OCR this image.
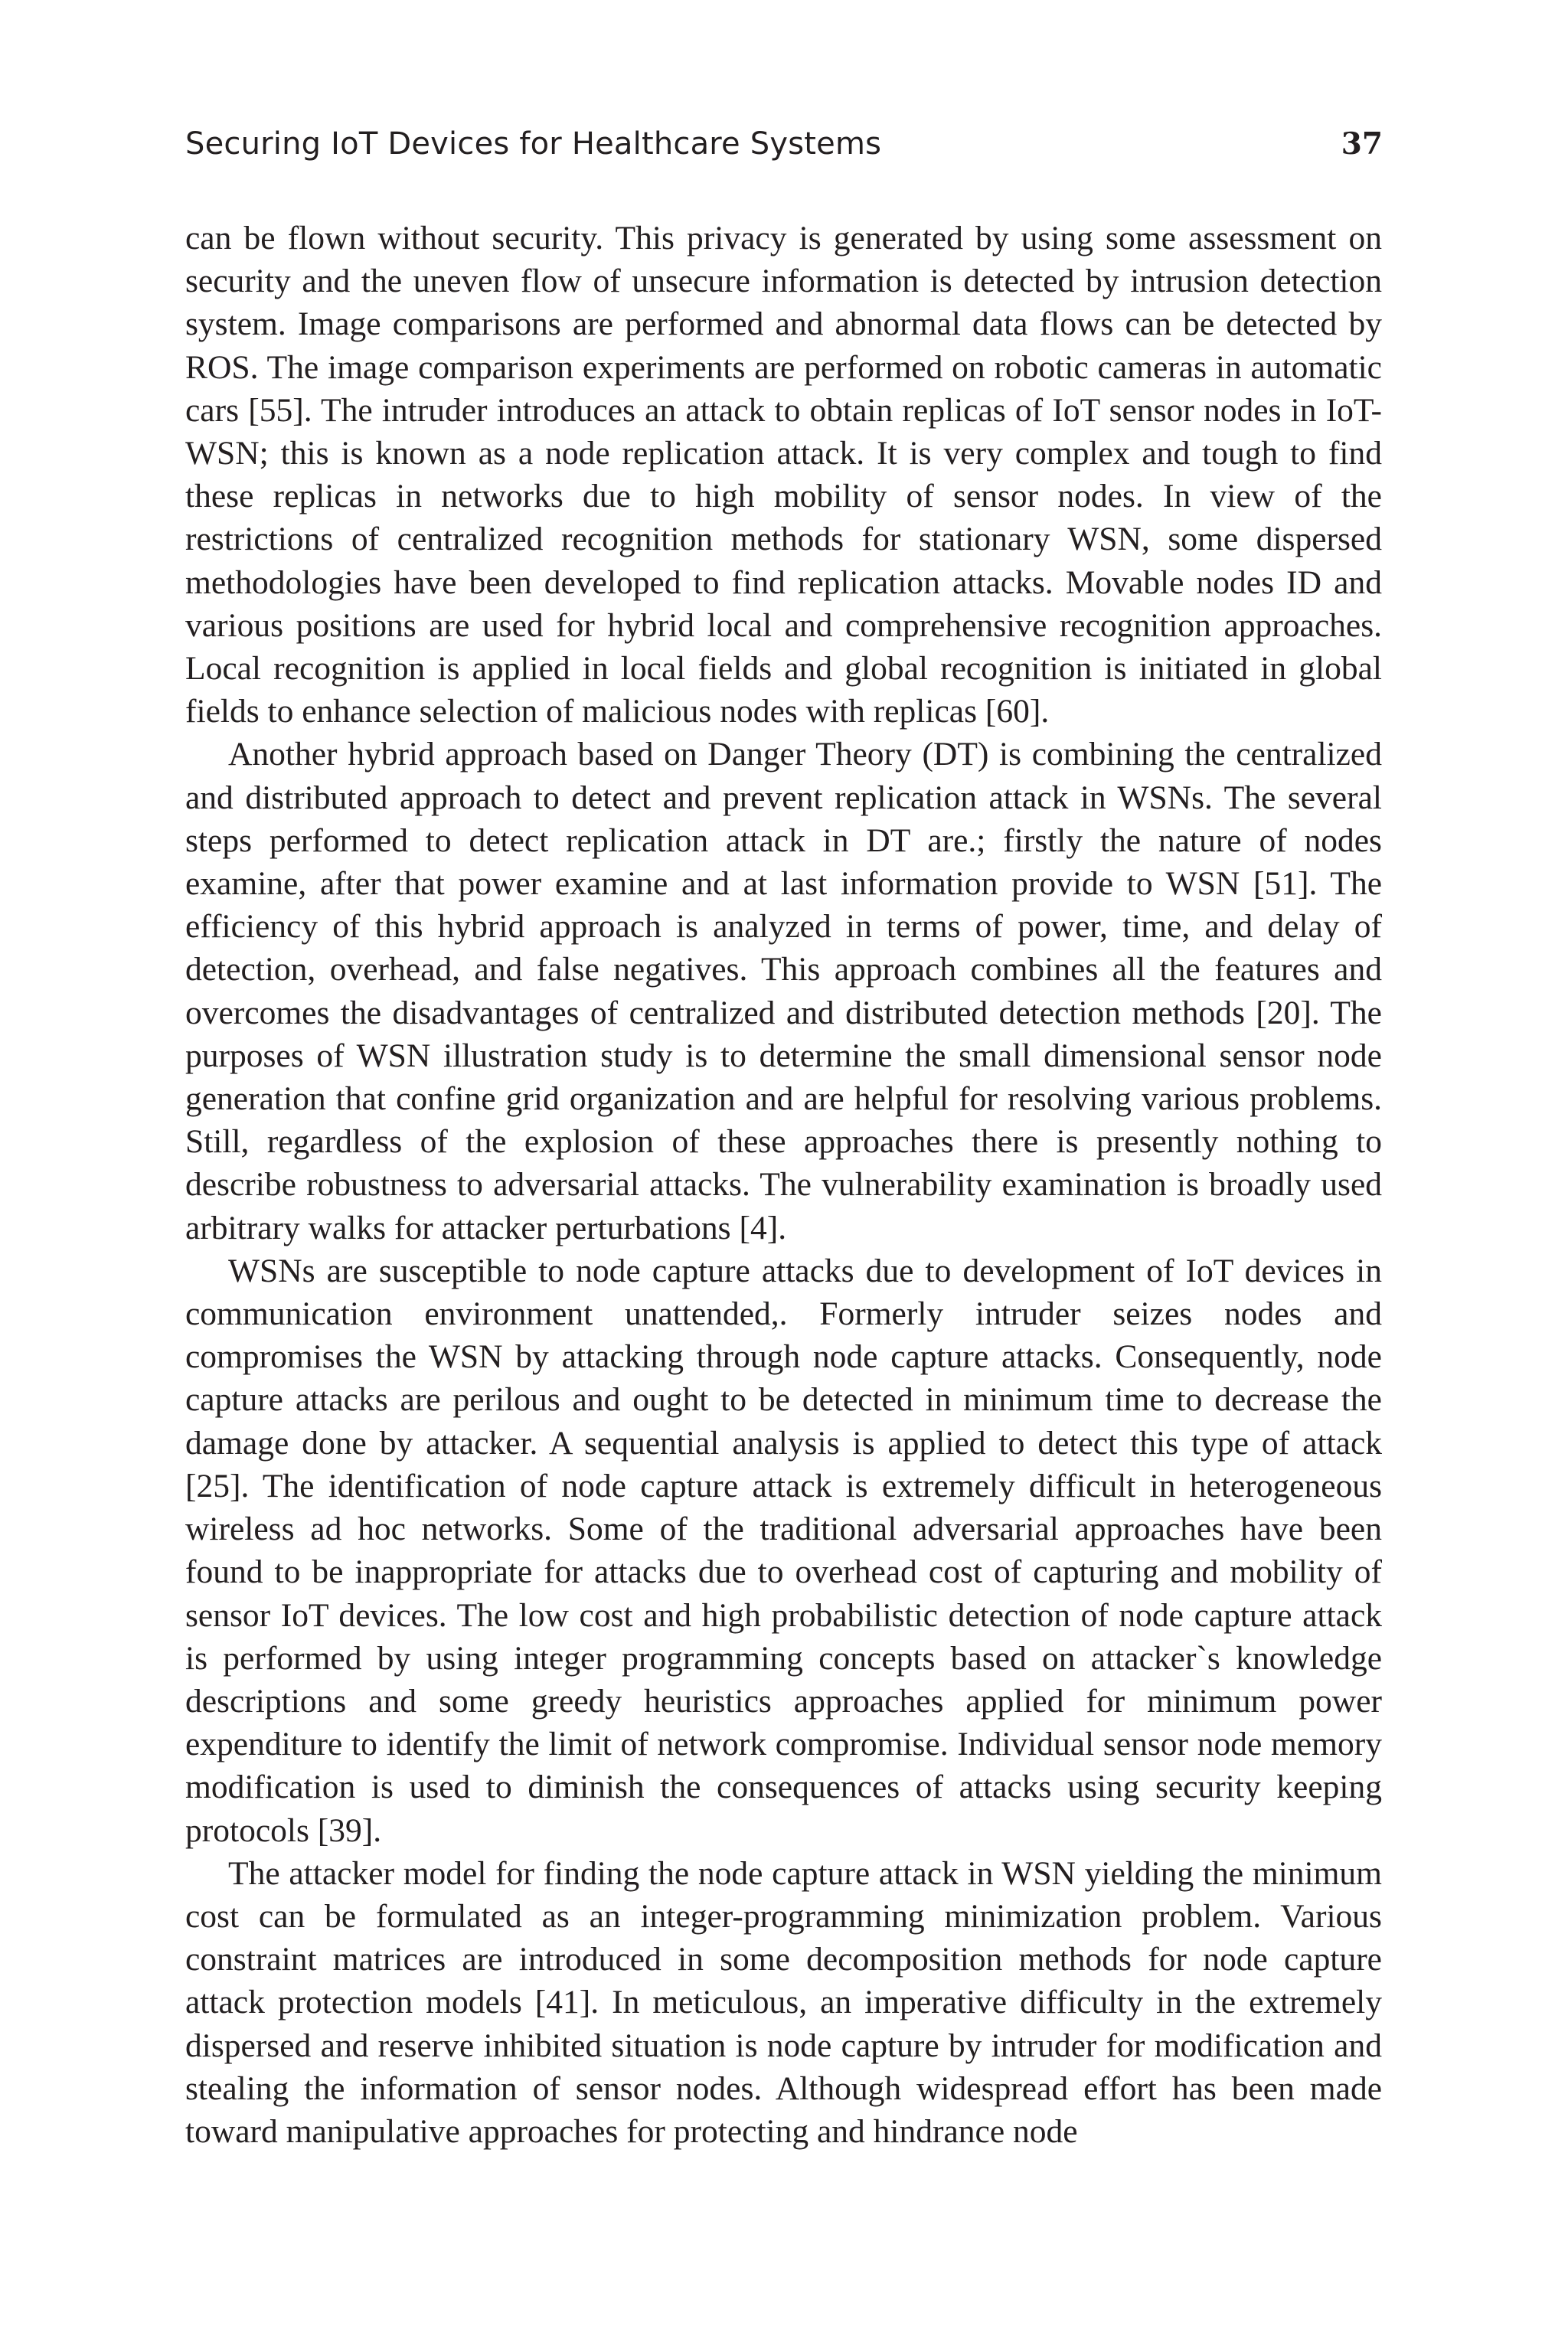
Securing IoT Devices for Healthcare Systems	37

can be flown without security. This privacy is generated by using some assessment on security and the uneven flow of unsecure information is detected by intrusion detection system. Image comparisons are performed and abnormal data flows can be detected by ROS. The image comparison experiments are performed on robotic cameras in automatic cars [55]. The intruder introduces an attack to obtain replicas of IoT sensor nodes in IoT-WSN; this is known as a node replication attack. It is very complex and tough to find these replicas in networks due to high mobility of sensor nodes. In view of the restrictions of centralized recognition methods for stationary WSN, some dispersed methodologies have been developed to find replication attacks. Movable nodes ID and various positions are used for hybrid local and comprehensive recognition approaches. Local recognition is applied in local fields and global recognition is initiated in global fields to enhance selection of malicious nodes with replicas [60].

Another hybrid approach based on Danger Theory (DT) is combining the centralized and distributed approach to detect and prevent replication attack in WSNs. The several steps performed to detect replication attack in DT are.; firstly the nature of nodes examine, after that power examine and at last information provide to WSN [51]. The efficiency of this hybrid approach is analyzed in terms of power, time, and delay of detection, overhead, and false negatives. This approach combines all the features and overcomes the disadvantages of centralized and distributed detection methods [20]. The purposes of WSN illustration study is to determine the small dimensional sensor node generation that confine grid organization and are helpful for resolving various problems. Still, regardless of the explosion of these approaches there is presently nothing to describe robustness to adversarial attacks. The vulnerability examination is broadly used arbitrary walks for attacker perturbations [4].

WSNs are susceptible to node capture attacks due to development of IoT devices in communication environment unattended,. Formerly intruder seizes nodes and compromises the WSN by attacking through node capture attacks. Consequently, node capture attacks are perilous and ought to be detected in minimum time to decrease the damage done by attacker. A sequential analysis is applied to detect this type of attack [25]. The identification of node capture attack is extremely difficult in heterogeneous wireless ad hoc networks. Some of the traditional adversarial approaches have been found to be inappropriate for attacks due to overhead cost of capturing and mobility of sensor IoT devices. The low cost and high probabilistic detection of node capture attack is performed by using integer programming concepts based on attacker`s knowledge descriptions and some greedy heuristics approaches applied for minimum power expenditure to identify the limit of network compromise. Individual sensor node memory modification is used to diminish the consequences of attacks using security keeping protocols [39].

The attacker model for finding the node capture attack in WSN yielding the minimum cost can be formulated as an integer-programming minimization problem. Various constraint matrices are introduced in some decomposition methods for node capture attack protection models [41]. In meticulous, an imperative difficulty in the extremely dispersed and reserve inhibited situation is node capture by intruder for modification and stealing the information of sensor nodes. Although widespread effort has been made toward manipulative approaches for protecting and hindrance node
